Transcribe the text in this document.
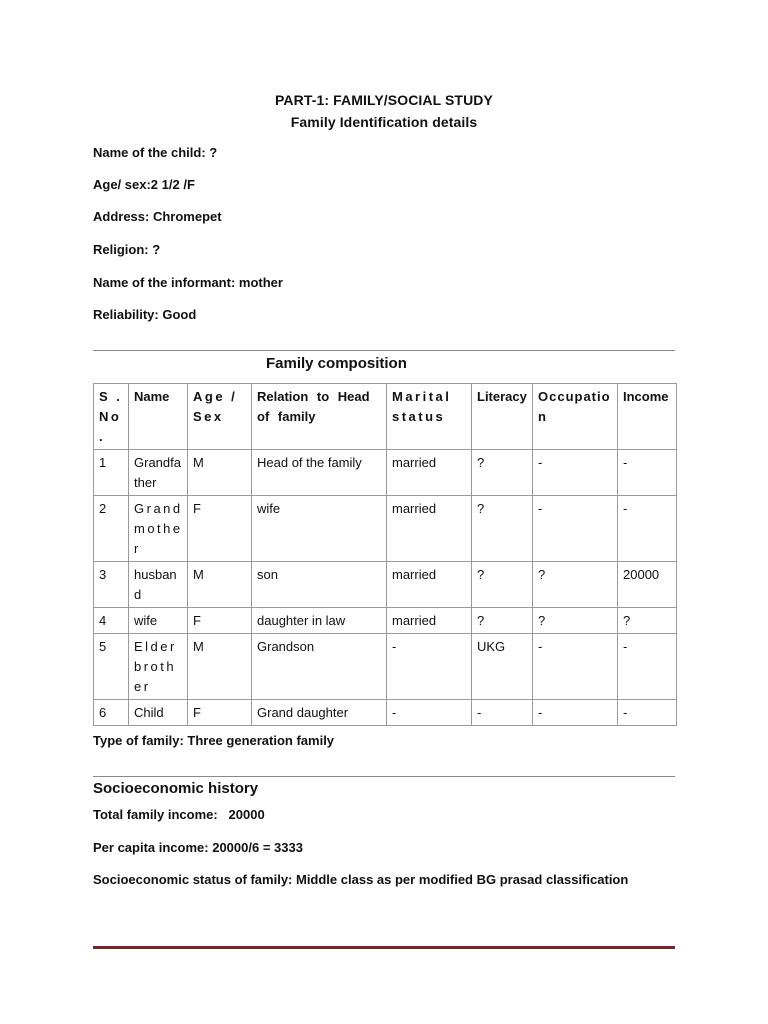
PART-1: FAMILY/SOCIAL STUDY
Family Identification details
Name of the child: ?
Age/ sex:2 1/2 /F
Address: Chromepet
Religion: ?
Name of the informant: mother
Reliability: Good
Family composition
S . No.	Name	Age / Sex	Relation to Head of family	Marital status	Literacy	Occupation	Income
1	Grandfather	M	Head of the family	married	?	-	-
2	Grand mother	F	wife	married	?	-	-
3	husband	M	son	married	?	?	20000
4	wife	F	daughter in law	married	?	?	?
5	Elder brother	M	Grandson	-	UKG	-	-
6	Child	F	Grand daughter	-	-	-	-
Type of family: Three generation family
Socioeconomic history
Total family income:   20000
Per capita income: 20000/6 = 3333
Socioeconomic status of family: Middle class as per modified BG prasad classification
